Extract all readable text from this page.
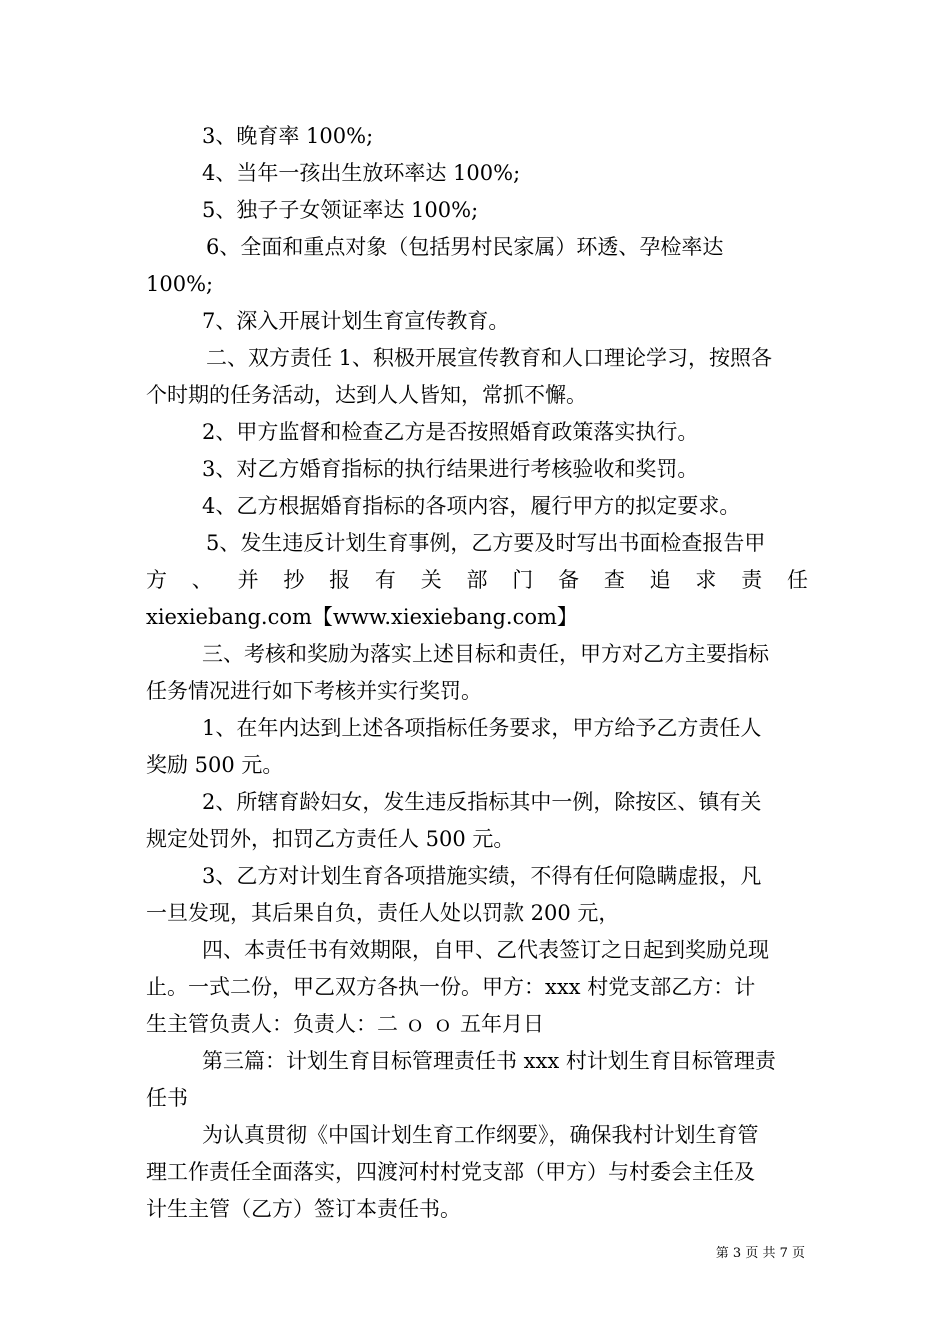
3、晚育率 100%;
4、当年一孩出生放环率达 100%;
5、独子子女领证率达 100%;
6、全面和重点对象（包括男村民家属）环透、孕检率达
100%;
7、深入开展计划生育宣传教育。
二、双方责任 1、积极开展宣传教育和人口理论学习，按照各
个时期的任务活动，达到人人皆知，常抓不懈。
2、甲方监督和检查乙方是否按照婚育政策落实执行。
3、对乙方婚育指标的执行结果进行考核验收和奖罚。
4、乙方根据婚育指标的各项内容，履行甲方的拟定要求。
5、发生违反计划生育事例，乙方要及时写出书面检查报告甲
方 、 并 抄 报 有 关 部 门 备 查 追 求 责 任
xiexiebang.com【www.xiexiebang.com】
三、考核和奖励为落实上述目标和责任，甲方对乙方主要指标
任务情况进行如下考核并实行奖罚。
1、在年内达到上述各项指标任务要求，甲方给予乙方责任人
奖励 500 元。
2、所辖育龄妇女，发生违反指标其中一例，除按区、镇有关
规定处罚外，扣罚乙方责任人 500 元。
3、乙方对计划生育各项措施实绩，不得有任何隐瞒虚报，凡
一旦发现，其后果自负，责任人处以罚款 200 元，
四、本责任书有效期限，自甲、乙代表签订之日起到奖励兑现
止。一式二份，甲乙双方各执一份。甲方：xxx 村党支部乙方：计
生主管负责人：负责人：二 ｏ ｏ 五年月日
第三篇：计划生育目标管理责任书 xxx 村计划生育目标管理责
任书
为认真贯彻《中国计划生育工作纲要》，确保我村计划生育管
理工作责任全面落实，四渡河村村党支部（甲方）与村委会主任及
计生主管（乙方）签订本责任书。
第 3 页 共 7 页
